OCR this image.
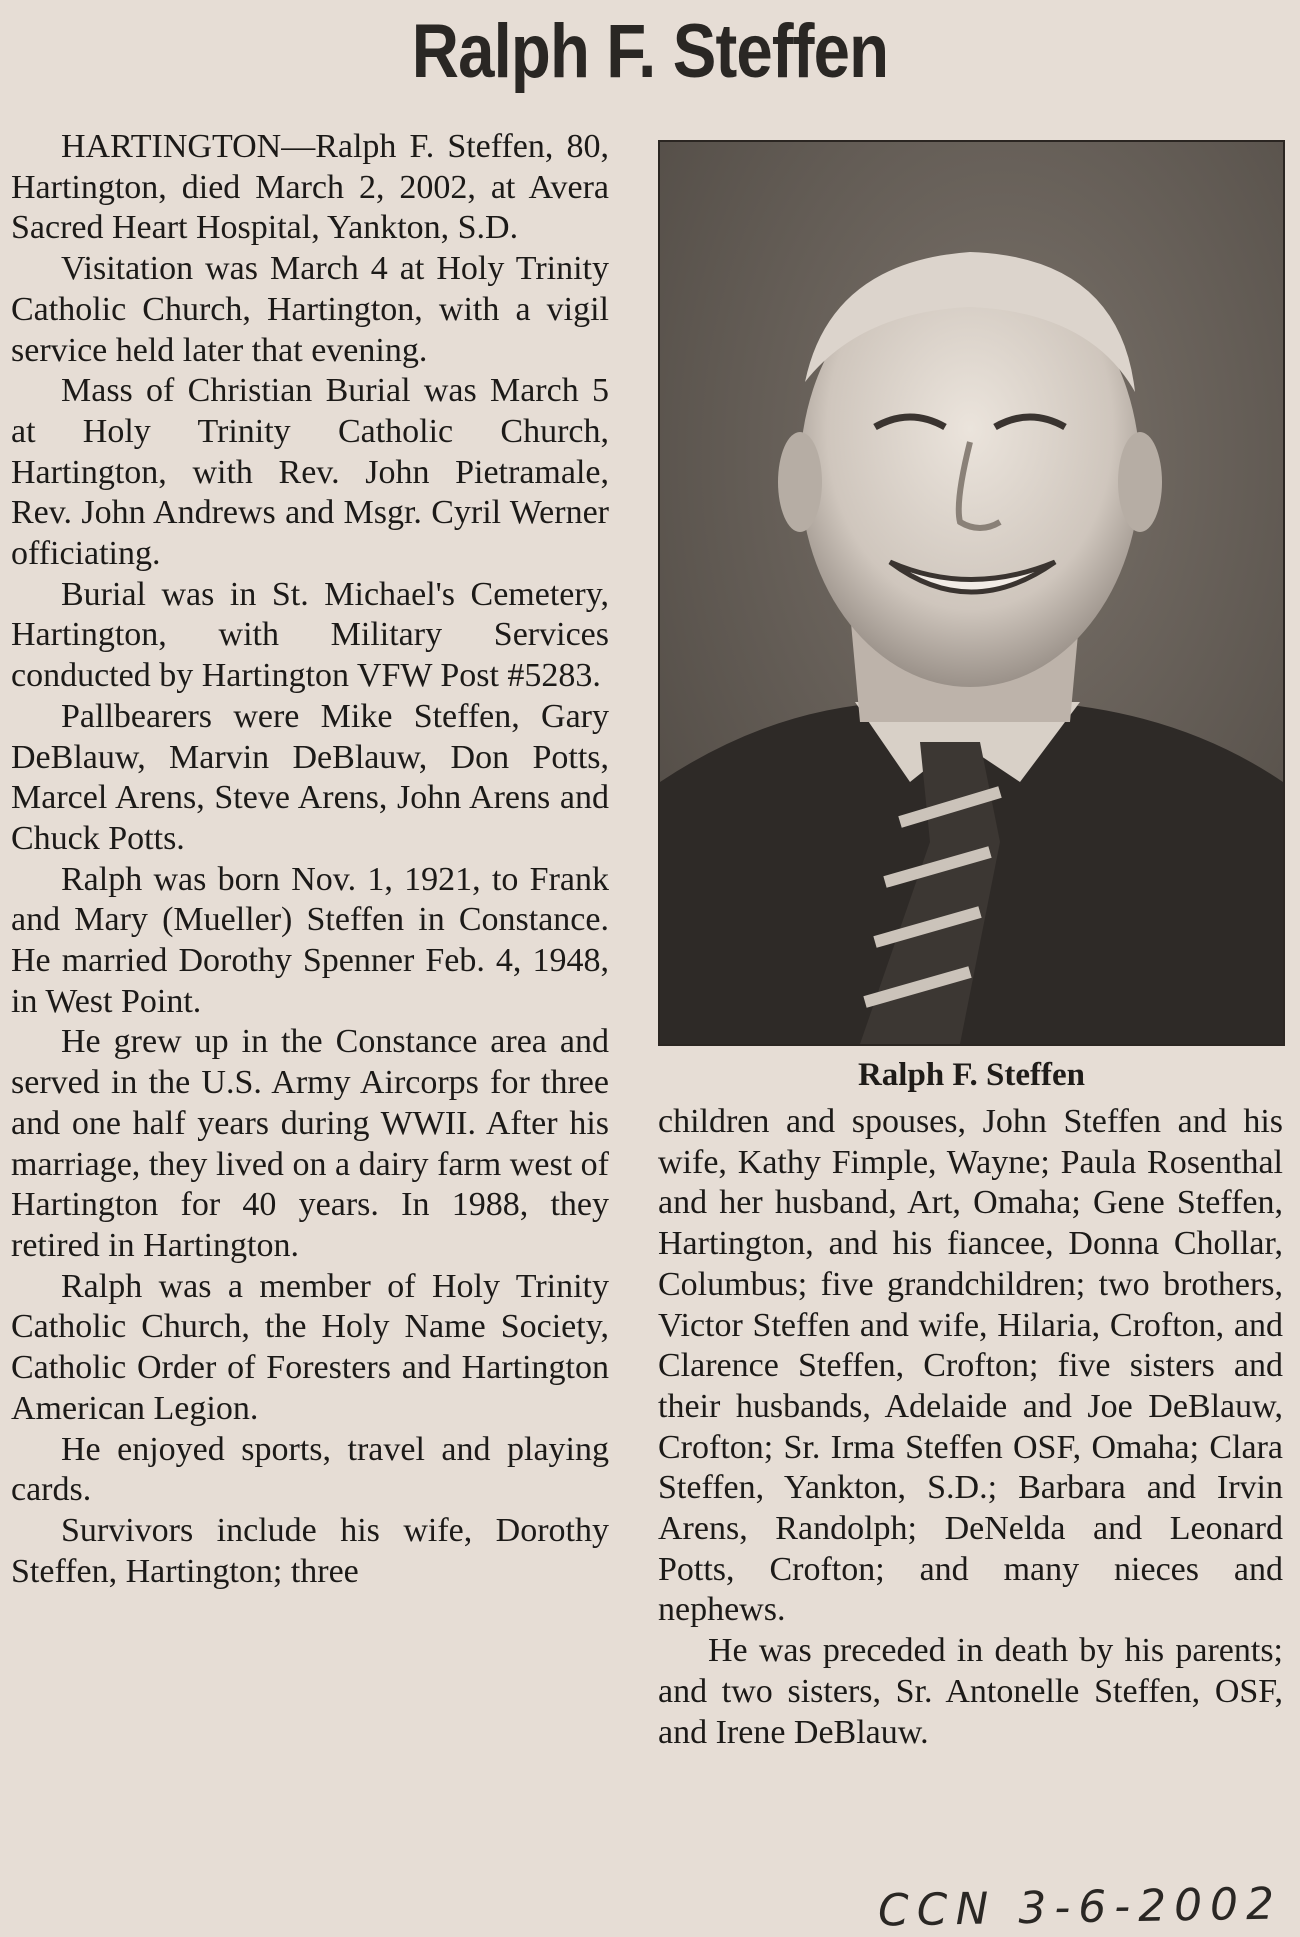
Ralph F. Steffen

HARTINGTON—Ralph F. Steffen, 80, Hartington, died March 2, 2002, at Avera Sacred Heart Hospital, Yankton, S.D.

Visitation was March 4 at Holy Trinity Catholic Church, Hartington, with a vigil service held later that evening.

Mass of Christian Burial was March 5 at Holy Trinity Catholic Church, Hartington, with Rev. John Pietramale, Rev. John Andrews and Msgr. Cyril Werner officiating.

Burial was in St. Michael's Cemetery, Hartington, with Military Services conducted by Hartington VFW Post #5283.

Pallbearers were Mike Steffen, Gary DeBlauw, Marvin DeBlauw, Don Potts, Marcel Arens, Steve Arens, John Arens and Chuck Potts.

Ralph was born Nov. 1, 1921, to Frank and Mary (Mueller) Steffen in Constance. He married Dorothy Spenner Feb. 4, 1948, in West Point.

He grew up in the Constance area and served in the U.S. Army Aircorps for three and one half years during WWII. After his marriage, they lived on a dairy farm west of Hartington for 40 years. In 1988, they retired in Hartington.

Ralph was a member of Holy Trinity Catholic Church, the Holy Name Society, Catholic Order of Foresters and Hartington American Legion.

He enjoyed sports, travel and playing cards.

Survivors include his wife, Dorothy Steffen, Hartington; three

Ralph F. Steffen

children and spouses, John Steffen and his wife, Kathy Fimple, Wayne; Paula Rosenthal and her husband, Art, Omaha; Gene Steffen, Hartington, and his fiancee, Donna Chollar, Columbus; five grandchildren; two brothers, Victor Steffen and wife, Hilaria, Crofton, and Clarence Steffen, Crofton; five sisters and their husbands, Adelaide and Joe DeBlauw, Crofton; Sr. Irma Steffen OSF, Omaha; Clara Steffen, Yankton, S.D.; Barbara and Irvin Arens, Randolph; DeNelda and Leonard Potts, Crofton; and many nieces and nephews.

He was preceded in death by his parents; and two sisters, Sr. Antonelle Steffen, OSF, and Irene DeBlauw.

CCN 3-6-2002
